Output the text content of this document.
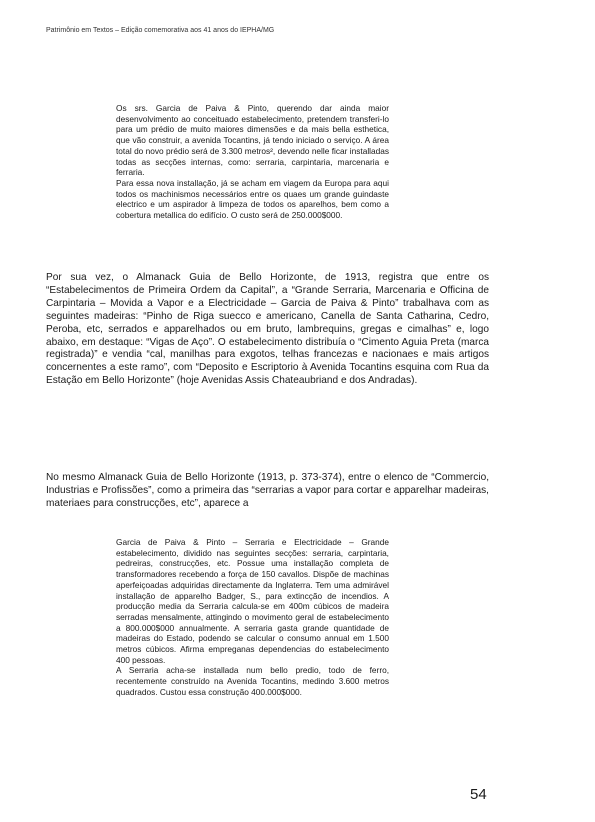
Patrimônio em Textos – Edição comemorativa aos 41 anos do IEPHA/MG

Os srs. Garcia de Paiva & Pinto, querendo dar ainda maior desenvolvimento ao conceituado estabelecimento, pretendem transferi-lo para um prédio de muito maiores dimensões e da mais bella esthetica, que vão construir, a avenida Tocantins, já tendo iniciado o serviço. A área total do novo prédio será de 3.300 metros², devendo nelle ficar installadas todas as secções internas, como: serraria, carpintaria, marcenaria e ferraria.

Para essa nova installação, já se acham em viagem da Europa para aqui todos os machinismos necessários entre os quaes um grande guindaste electrico e um aspirador à limpeza de todos os aparelhos, bem como a cobertura metallica do edifício. O custo será de 250.000$000.

Por sua vez, o Almanack Guia de Bello Horizonte, de 1913, registra que entre os “Estabelecimentos de Primeira Ordem da Capital”, a “Grande Serraria, Marcenaria e Officina de Carpintaria – Movida a Vapor e a Electricidade – Garcia de Paiva & Pinto” trabalhava com as seguintes madeiras: “Pinho de Riga suecco e americano, Canella de Santa Catharina, Cedro, Peroba, etc, serrados e apparelhados ou em bruto, lambrequins, gregas e cimalhas” e, logo abaixo, em destaque: “Vigas de Aço”. O estabelecimento distribuía o “Cimento Aguia Preta (marca registrada)” e vendia “cal, manilhas para exgotos, telhas francezas e nacionaes e mais artigos concernentes a este ramo”, com “Deposito e Escriptorio à Avenida Tocantins esquina com Rua da Estação em Bello Horizonte” (hoje Avenidas Assis Chateaubriand e dos Andradas).

No mesmo Almanack Guia de Bello Horizonte (1913, p. 373-374), entre o elenco de “Commercio, Industrias e Profissões”, como a primeira das “serrarias a vapor para cortar e apparelhar madeiras, materiaes para construcções, etc”, aparece a

Garcia de Paiva & Pinto – Serraria e Electricidade – Grande estabelecimento, dividido nas seguintes secções: serraria, carpintaria, pedreiras, construcções, etc. Possue uma installação completa de transformadores recebendo a força de 150 cavallos. Dispõe de machinas aperfeiçoadas adquiridas directamente da Inglaterra. Tem uma admirável installação de apparelho Badger, S., para extincção de incendios. A producção media da Serraria calcula-se em 400m cúbicos de madeira serradas mensalmente, attingindo o movimento geral de estabelecimento a 800.000$000 annualmente. A serraria gasta grande quantidade de madeiras do Estado, podendo se calcular o consumo annual em 1.500 metros cúbicos. Afirma empreganas dependencias do estabelecimento 400 pessoas.

A Serraria acha-se installada num bello predio, todo de ferro, recentemente construído na Avenida Tocantins, medindo 3.600 metros quadrados. Custou essa construção 400.000$000.

54
